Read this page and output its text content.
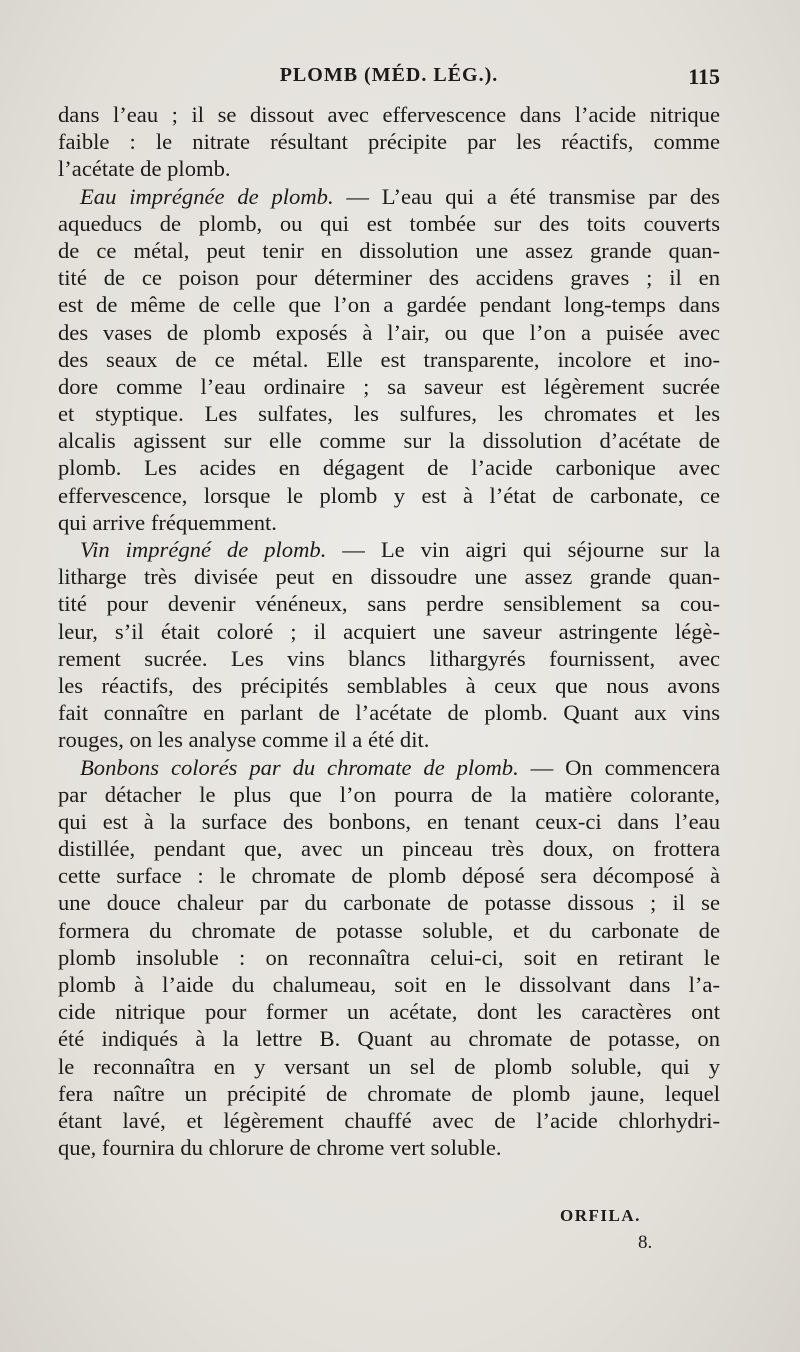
PLOMB (MÉD. LÉG.).	115
dans l’eau ; il se dissout avec effervescence dans l’acide nitrique
faible : le nitrate résultant précipite par les réactifs, comme
l’acétate de plomb.
Eau imprégnée de plomb. — L’eau qui a été transmise par des
aqueducs de plomb, ou qui est tombée sur des toits couverts
de ce métal, peut tenir en dissolution une assez grande quan-
tité de ce poison pour déterminer des accidens graves ; il en
est de même de celle que l’on a gardée pendant long-temps dans
des vases de plomb exposés à l’air, ou que l’on a puisée avec
des seaux de ce métal. Elle est transparente, incolore et ino-
dore comme l’eau ordinaire ; sa saveur est légèrement sucrée
et styptique. Les sulfates, les sulfures, les chromates et les
alcalis agissent sur elle comme sur la dissolution d’acétate de
plomb. Les acides en dégagent de l’acide carbonique avec
effervescence, lorsque le plomb y est à l’état de carbonate, ce
qui arrive fréquemment.
Vin imprégné de plomb. — Le vin aigri qui séjourne sur la
litharge très divisée peut en dissoudre une assez grande quan-
tité pour devenir vénéneux, sans perdre sensiblement sa cou-
leur, s’il était coloré ; il acquiert une saveur astringente légè-
rement sucrée. Les vins blancs lithargyrés fournissent, avec
les réactifs, des précipités semblables à ceux que nous avons
fait connaître en parlant de l’acétate de plomb. Quant aux vins
rouges, on les analyse comme il a été dit.
Bonbons colorés par du chromate de plomb. — On commencera
par détacher le plus que l’on pourra de la matière colorante,
qui est à la surface des bonbons, en tenant ceux-ci dans l’eau
distillée, pendant que, avec un pinceau très doux, on frottera
cette surface : le chromate de plomb déposé sera décomposé à
une douce chaleur par du carbonate de potasse dissous ; il se
formera du chromate de potasse soluble, et du carbonate de
plomb insoluble : on reconnaîtra celui-ci, soit en retirant le
plomb à l’aide du chalumeau, soit en le dissolvant dans l’a-
cide nitrique pour former un acétate, dont les caractères ont
été indiqués à la lettre B. Quant au chromate de potasse, on
le reconnaîtra en y versant un sel de plomb soluble, qui y
fera naître un précipité de chromate de plomb jaune, lequel
étant lavé, et légèrement chauffé avec de l’acide chlorhydri-
que, fournira du chlorure de chrome vert soluble.
ORFILA.
8.
